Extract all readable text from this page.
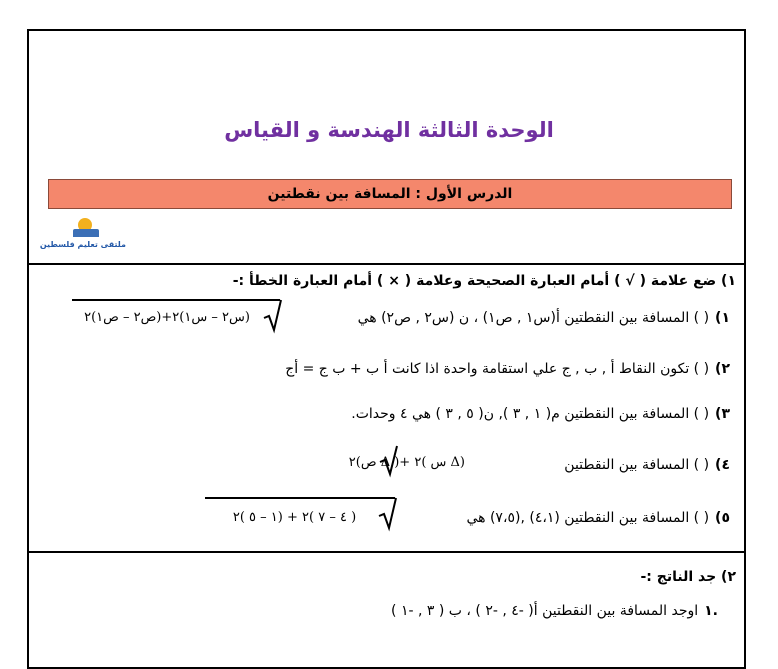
الوحدة الثالثة الهندسة و القياس
الدرس الأول : المسافة بين نقطتين
ملتقى تعليم فلسطين
١) ضع علامة ( √ ) أمام العبارة الصحيحة وعلامة ( × ) أمام العبارة الخطأ :-
١)( ) المسافة بين النقطتين أ(س١ , ص١) ، ن (س٢ , ص٢) هي
(س٢ – س١)٢+(ص٢ – ص١)٢
٢)( ) تكون النقاط أ , ب , ج علي استقامة واحدة اذا كانت أ ب + ب ج = أج
٣)( ) المسافة بين النقطتين م( ١ , ٣ ), ن( ٥ , ٣ ) هي ٤ وحدات.
٤)( ) المسافة بين النقطتين
(Δ س )٢ +( Δ ص)٢
٥)( ) المسافة بين النقطتين (٤،١) ,(٧،٥) هي
( ٤ – ٧ )٢ + (١ – ٥ )٢
٢) جد الناتج :-
.١اوجد المسافة بين النقطتين أ( -٤ , -٢ ) ، ب ( ٣ , -١ )
